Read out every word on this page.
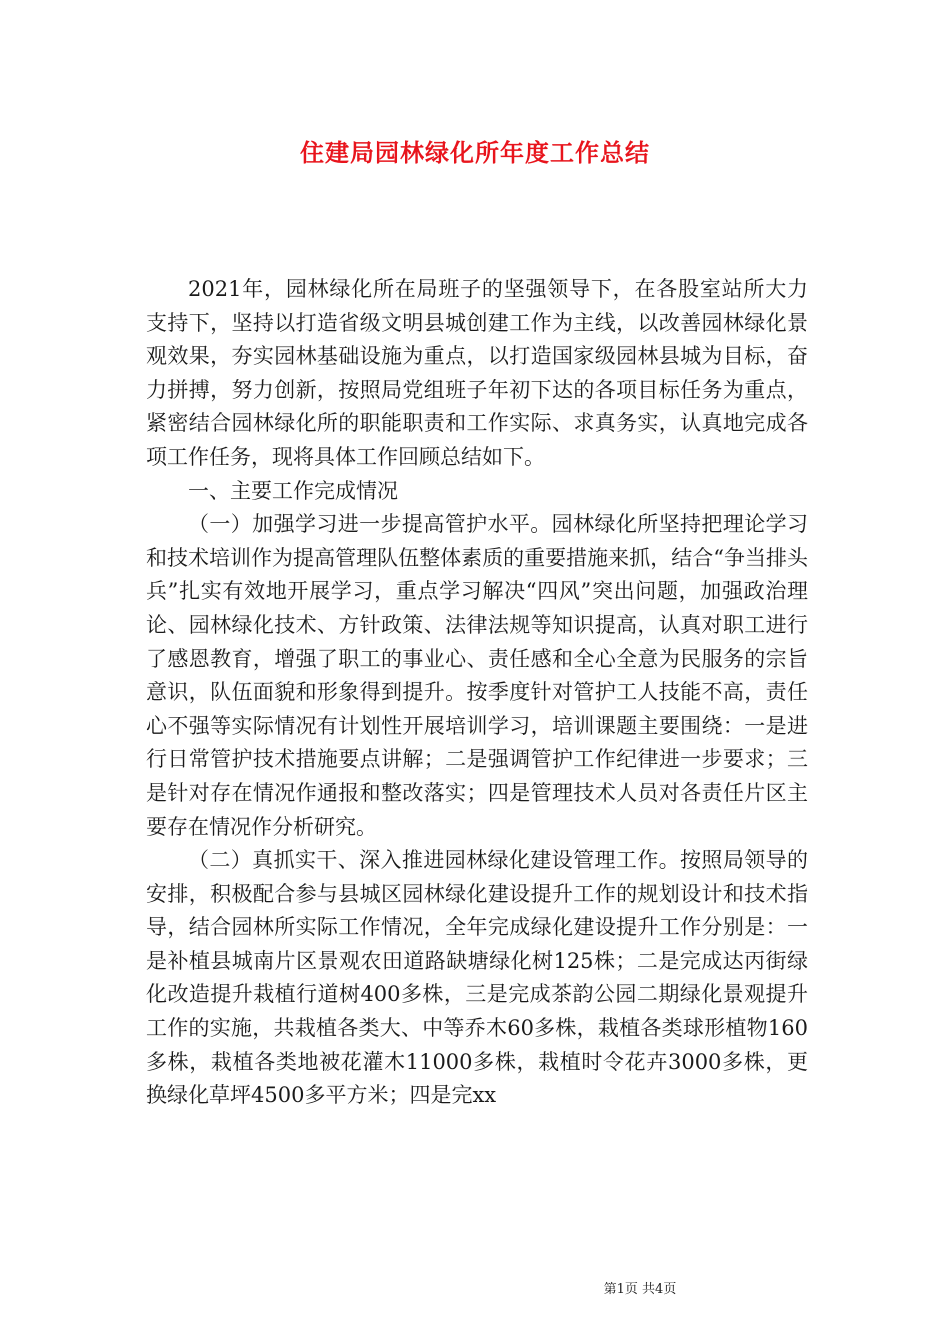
住建局园林绿化所年度工作总结

2021年，园林绿化所在局班子的坚强领导下，在各股室站所大力支持下，坚持以打造省级文明县城创建工作为主线，以改善园林绿化景观效果，夯实园林基础设施为重点，以打造国家级园林县城为目标，奋力拼搏，努力创新，按照局党组班子年初下达的各项目标任务为重点，紧密结合园林绿化所的职能职责和工作实际、求真务实，认真地完成各项工作任务，现将具体工作回顾总结如下。

一、主要工作完成情况

（一）加强学习进一步提高管护水平。园林绿化所坚持把理论学习和技术培训作为提高管理队伍整体素质的重要措施来抓，结合“争当排头兵”扎实有效地开展学习，重点学习解决“四风”突出问题，加强政治理论、园林绿化技术、方针政策、法律法规等知识提高，认真对职工进行了感恩教育，增强了职工的事业心、责任感和全心全意为民服务的宗旨意识，队伍面貌和形象得到提升。按季度针对管护工人技能不高，责任心不强等实际情况有计划性开展培训学习，培训课题主要围绕：一是进行日常管护技术措施要点讲解；二是强调管护工作纪律进一步要求；三是针对存在情况作通报和整改落实；四是管理技术人员对各责任片区主要存在情况作分析研究。

（二）真抓实干、深入推进园林绿化建设管理工作。按照局领导的安排，积极配合参与县城区园林绿化建设提升工作的规划设计和技术指导，结合园林所实际工作情况，全年完成绿化建设提升工作分别是：一是补植县城南片区景观农田道路缺塘绿化树125株；二是完成达丙街绿化改造提升栽植行道树400多株，三是完成茶韵公园二期绿化景观提升工作的实施，共栽植各类大、中等乔木60多株，栽植各类球形植物160多株，栽植各类地被花灌木11000多株，栽植时令花卉3000多株，更换绿化草坪4500多平方米；四是完xx

第1页 共4页
